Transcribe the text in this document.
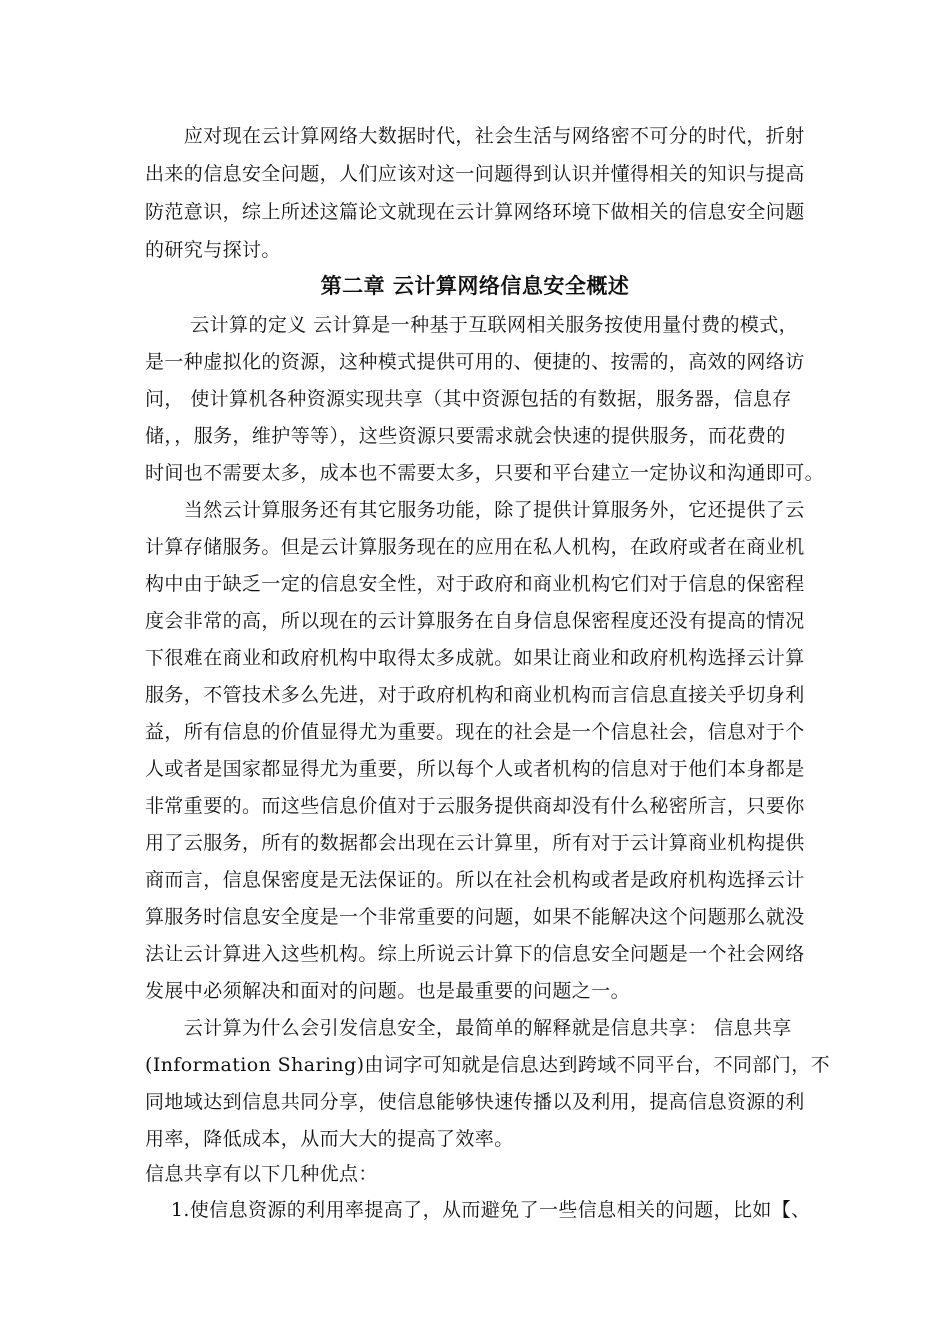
　　应对现在云计算网络大数据时代，社会生活与网络密不可分的时代，折射
出来的信息安全问题，人们应该对这一问题得到认识并懂得相关的知识与提高
防范意识，综上所述这篇论文就现在云计算网络环境下做相关的信息安全问题
的研究与探讨。
第二章 云计算网络信息安全概述
　　 云计算的定义 云计算是一种基于互联网相关服务按使用量付费的模式，
是一种虚拟化的资源，这种模式提供可用的、便捷的、按需的，高效的网络访
问， 使计算机各种资源实现共享（其中资源包括的有数据，服务器，信息存
储，，服务，维护等等），这些资源只要需求就会快速的提供服务，而花费的
时间也不需要太多，成本也不需要太多，只要和平台建立一定协议和沟通即可。
　　当然云计算服务还有其它服务功能，除了提供计算服务外，它还提供了云
计算存储服务。但是云计算服务现在的应用在私人机构，在政府或者在商业机
构中由于缺乏一定的信息安全性，对于政府和商业机构它们对于信息的保密程
度会非常的高，所以现在的云计算服务在自身信息保密程度还没有提高的情况
下很难在商业和政府机构中取得太多成就。如果让商业和政府机构选择云计算
服务，不管技术多么先进，对于政府机构和商业机构而言信息直接关乎切身利
益，所有信息的价值显得尤为重要。现在的社会是一个信息社会，信息对于个
人或者是国家都显得尤为重要，所以每个人或者机构的信息对于他们本身都是
非常重要的。而这些信息价值对于云服务提供商却没有什么秘密所言，只要你
用了云服务，所有的数据都会出现在云计算里，所有对于云计算商业机构提供
商而言，信息保密度是无法保证的。所以在社会机构或者是政府机构选择云计
算服务时信息安全度是一个非常重要的问题，如果不能解决这个问题那么就没
法让云计算进入这些机构。综上所说云计算下的信息安全问题是一个社会网络
发展中必须解决和面对的问题。也是最重要的问题之一。
　　云计算为什么会引发信息安全，最简单的解释就是信息共享： 信息共享
(Information Sharing)由词字可知就是信息达到跨域不同平台，不同部门，不
同地域达到信息共同分享，使信息能够快速传播以及利用，提高信息资源的利
用率，降低成本，从而大大的提高了效率。
信息共享有以下几种优点：
　 1.使信息资源的利用率提高了，从而避免了一些信息相关的问题，比如【、
